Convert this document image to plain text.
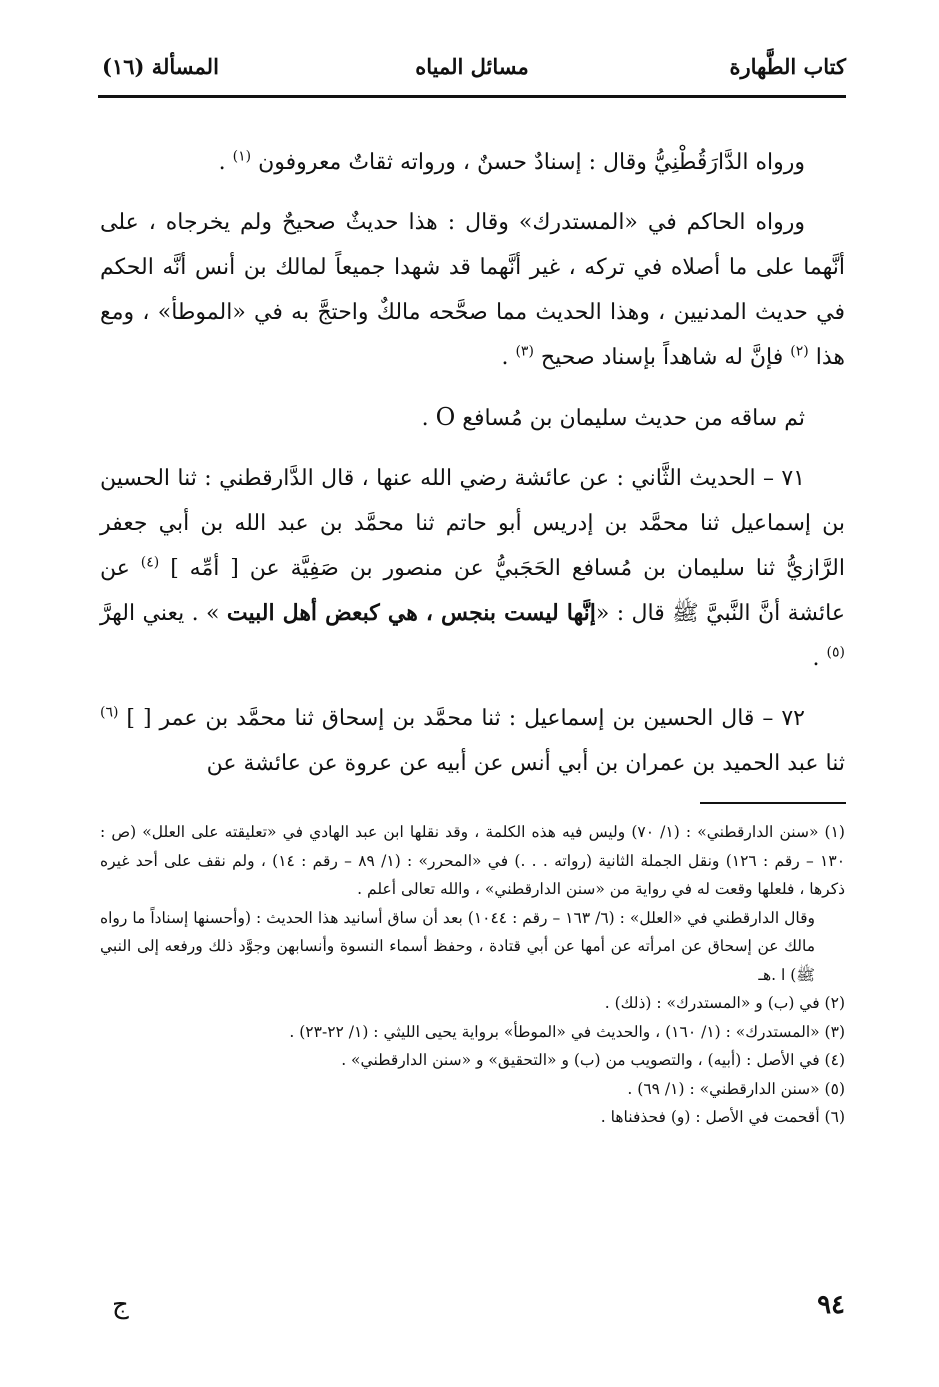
كتاب الطَّهارة
مسائل المياه
المسألة (١٦)

ورواه الدَّارَقُطْنِيُّ وقال : إسنادٌ حسنٌ ، ورواته ثقاتٌ معروفون $^{(١)}$ .

ورواه الحاكم في «المستدرك» وقال : هذا حديثٌ صحيحٌ ولم يخرجاه ، على أنَّهما على ما أصلاه في تركه ، غير أنَّهما قد شهدا جميعاً لمالك بن أنس أنَّه الحكم في حديث المدنيين ، وهذا الحديث مما صحَّحه مالكٌ واحتجَّ به في «الموطأ» ، ومع هذا $^{(٢)}$ فإنَّ له شاهداً بإسناد صحيح $^{(٣)}$ .

ثم ساقه من حديث سليمان بن مُسافع O .

٧١ – الحديث الثَّاني : عن عائشة رضي الله عنها ، قال الدَّارقطني : ثنا الحسين بن إسماعيل ثنا محمَّد بن إدريس أبو حاتم ثنا محمَّد بن عبد الله بن أبي جعفر الرَّازيُّ ثنا سليمان بن مُسافع الحَجَبيُّ عن منصور بن صَفِيَّة عن [ أمِّه ] $^{(٤)}$ عن عائشة أنَّ النَّبيَّ ﷺ قال : «إنَّها ليست بنجس ، هي كبعض أهل البيت » . يعني الهرَّ $^{(٥)}$ .

٧٢ – قال الحسين بن إسماعيل : ثنا محمَّد بن إسحاق ثنا محمَّد بن عمر [ ] $^{(٦)}$ ثنا عبد الحميد بن عمران بن أبي أنس عن أبيه عن عروة عن عائشة عن

(١) «سنن الدارقطني» : (١/ ٧٠) وليس فيه هذه الكلمة ، وقد نقلها ابن عبد الهادي في «تعليقته على العلل» (ص : ١٣٠ – رقم : ١٢٦) ونقل الجملة الثانية (رواته . . .) في «المحرر» : (١/ ٨٩ – رقم : ١٤) ، ولم نقف على أحد غيره ذكرها ، فلعلها وقعت له في رواية من «سنن الدارقطني» ، والله تعالى أعلم .

وقال الدارقطني في «العلل» : (٦/ ١٦٣ – رقم : ١٠٤٤) بعد أن ساق أسانيد هذا الحديث : (وأحسنها إسناداً ما رواه مالك عن إسحاق عن امرأته عن أمها عن أبي قتادة ، وحفظ أسماء النسوة وأنسابهن وجوَّد ذلك ورفعه إلى النبي ﷺ) ا .هـ

(٢) في (ب) و «المستدرك» : (ذلك) .

(٣) «المستدرك» : (١/ ١٦٠) ، والحديث في «الموطأ» برواية يحيى الليثي : (١/ ٢٢-٢٣) .

(٤) في الأصل : (أبيه) ، والتصويب من (ب) و «التحقيق» و «سنن الدارقطني» .

(٥) «سنن الدارقطني» : (١/ ٦٩) .

(٦) أقحمت في الأصل : (و) فحذفناها .

٩٤
ج
